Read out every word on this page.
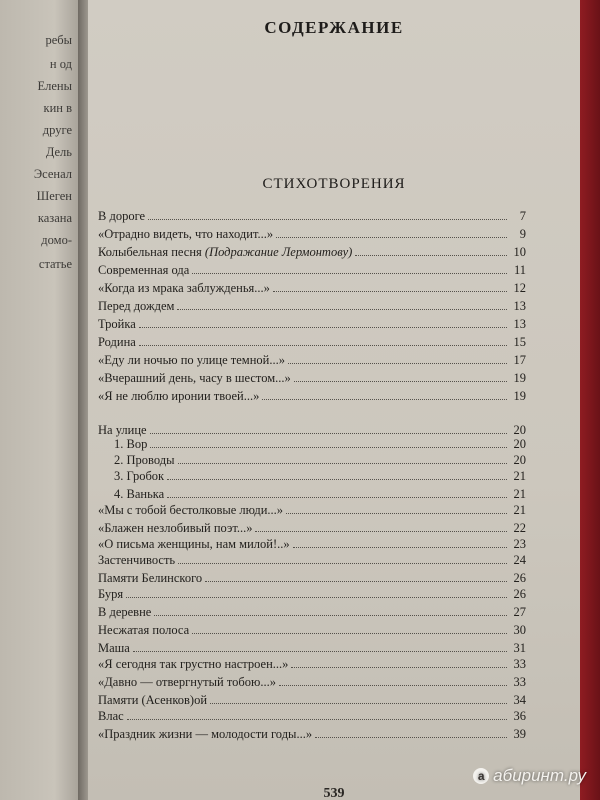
ребы
н од
Елены
кин в
друге
Дель
Эсенал
Шеген
казана
домо-
статье
СОДЕРЖАНИЕ
СТИХОТВОРЕНИЯ
В дороге	7
«Отрадно видеть, что находит...»	9
Колыбельная песня (Подражание Лермонтову)	10
Современная ода	11
«Когда из мрака заблужденья...»	12
Перед дождем	13
Тройка	13
Родина	15
«Еду ли ночью по улице темной...»	17
«Вчерашний день, часу в шестом...»	19
«Я не люблю иронии твоей...»	19
На улице	20
1. Вор	20
2. Проводы	20
3. Гробок	21
4. Ванька	21
«Мы с тобой бестолковые люди...»	21
«Блажен незлобивый поэт...»	22
«О письма женщины, нам милой!..»	23
Застенчивость	24
Памяти Белинского	26
Буря	26
В деревне	27
Несжатая полоса	30
Маша	31
«Я сегодня так грустно настроен...»	33
«Давно — отвергнутый тобою...»	33
Памяти (Асенков)ой	34
Влас	36
«Праздник жизни — молодости годы...»	39
539
a абиринт.ру
